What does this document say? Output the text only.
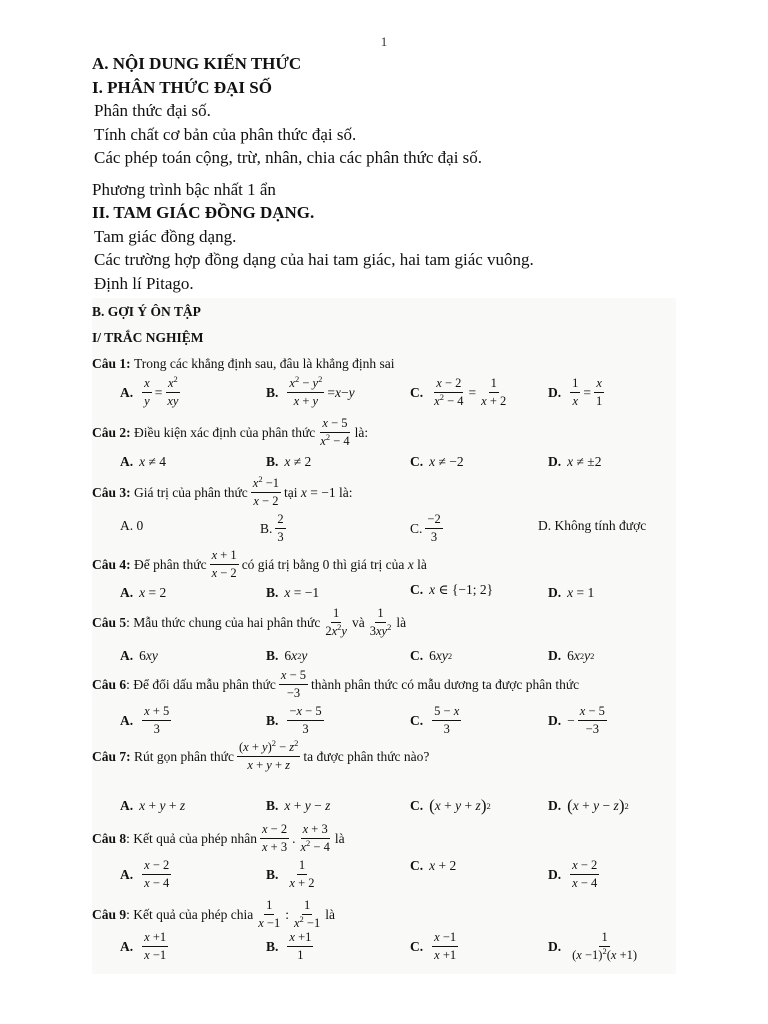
1
A. NỘI DUNG KIẾN THỨC
I. PHÂN THỨC ĐẠI SỐ
Phân thức đại số.
Tính chất cơ bản của phân thức đại số.
Các phép toán cộng, trừ, nhân, chia các phân thức đại số.
Phương trình bậc nhất 1 ẩn
II. TAM GIÁC ĐỒNG DẠNG.
Tam giác đồng dạng.
Các trường hợp đồng dạng của hai tam giác, hai tam giác vuông.
Định lí Pitago.
B. GỢI Ý ÔN TẬP
I/ TRẮC NGHIỆM
Câu 1:
Trong các khẳng định sau, đâu là khẳng định sai
A. $\frac{x}{y} = \frac{x^2}{xy}$	B. $\frac{x^2 - y^2}{x + y} = x - y$	C. $\frac{x - 2}{x^2 - 4} = \frac{1}{x + 2}$	D. $\frac{1}{x} = \frac{x}{1}$
Câu 2:
Điều kiện xác định của phân thức $\frac{x - 5}{x^2 - 4}$ là:
A. x ≠ 4	B. x ≠ 2	C. x ≠ −2	D. x ≠ ±2
Câu 3:
Giá trị của phân thức $\frac{x^2 -1}{x - 2}$ tại
x = −1 là:
A. 0	B. $\frac{2}{3}$	C. $\frac{-2}{3}$	D.
Không tính được
Câu 4:
Để phân thức $\frac{x + 1}{x - 2}$ có giá trị bằng 0 thì giá trị của
x
là
A. x = 2	B. x = −1	C. x ∈ {−1; 2}	D. x = 1
Câu 5 : Mẫu thức chung của hai phân thức $\frac{1}{2x^2y}$ và $\frac{1}{3xy^2}$ là
A. 6 xy	B. 6 x 2 y	C. 6 xy 2	D. 6 x 2 y 2
Câu 6 : Để đổi dấu mẫu phân thức $\frac{x - 5}{-3}$ thành phân thức có mẫu dương ta được phân thức
A. $\frac{x + 5}{3}$	B. $\frac{-x - 5}{3}$	C. $\frac{5 - x}{3}$	D. − $\frac{x - 5}{-3}$
Câu 7:
Rút gọn phân thức $\frac{(x + y)^2 - z^2}{x + y + z}$ ta được phân thức nào?
A. x + y + z	B. x + y − z	C. ( x + y + z ) 2	D. ( x + y − z ) 2
Câu 8 : Kết quả của phép nhân $\frac{x - 2}{x + 3}$ . $\frac{x + 3}{x^2 - 4}$ là
A. $\frac{x - 2}{x - 4}$	B. $\frac{1}{x + 2}$	C. x + 2
D. $\frac{x - 2}{x - 4}$
Câu 9 : Kết quả của phép chia $\frac{1}{x -1}$ : $\frac{1}{x^2 -1}$ là
A. $\frac{x +1}{x -1}$	B. $\frac{x +1}{1}$	C. $\frac{x -1}{x +1}$	D. $\frac{1}{(x -1)^2(x +1)}$
